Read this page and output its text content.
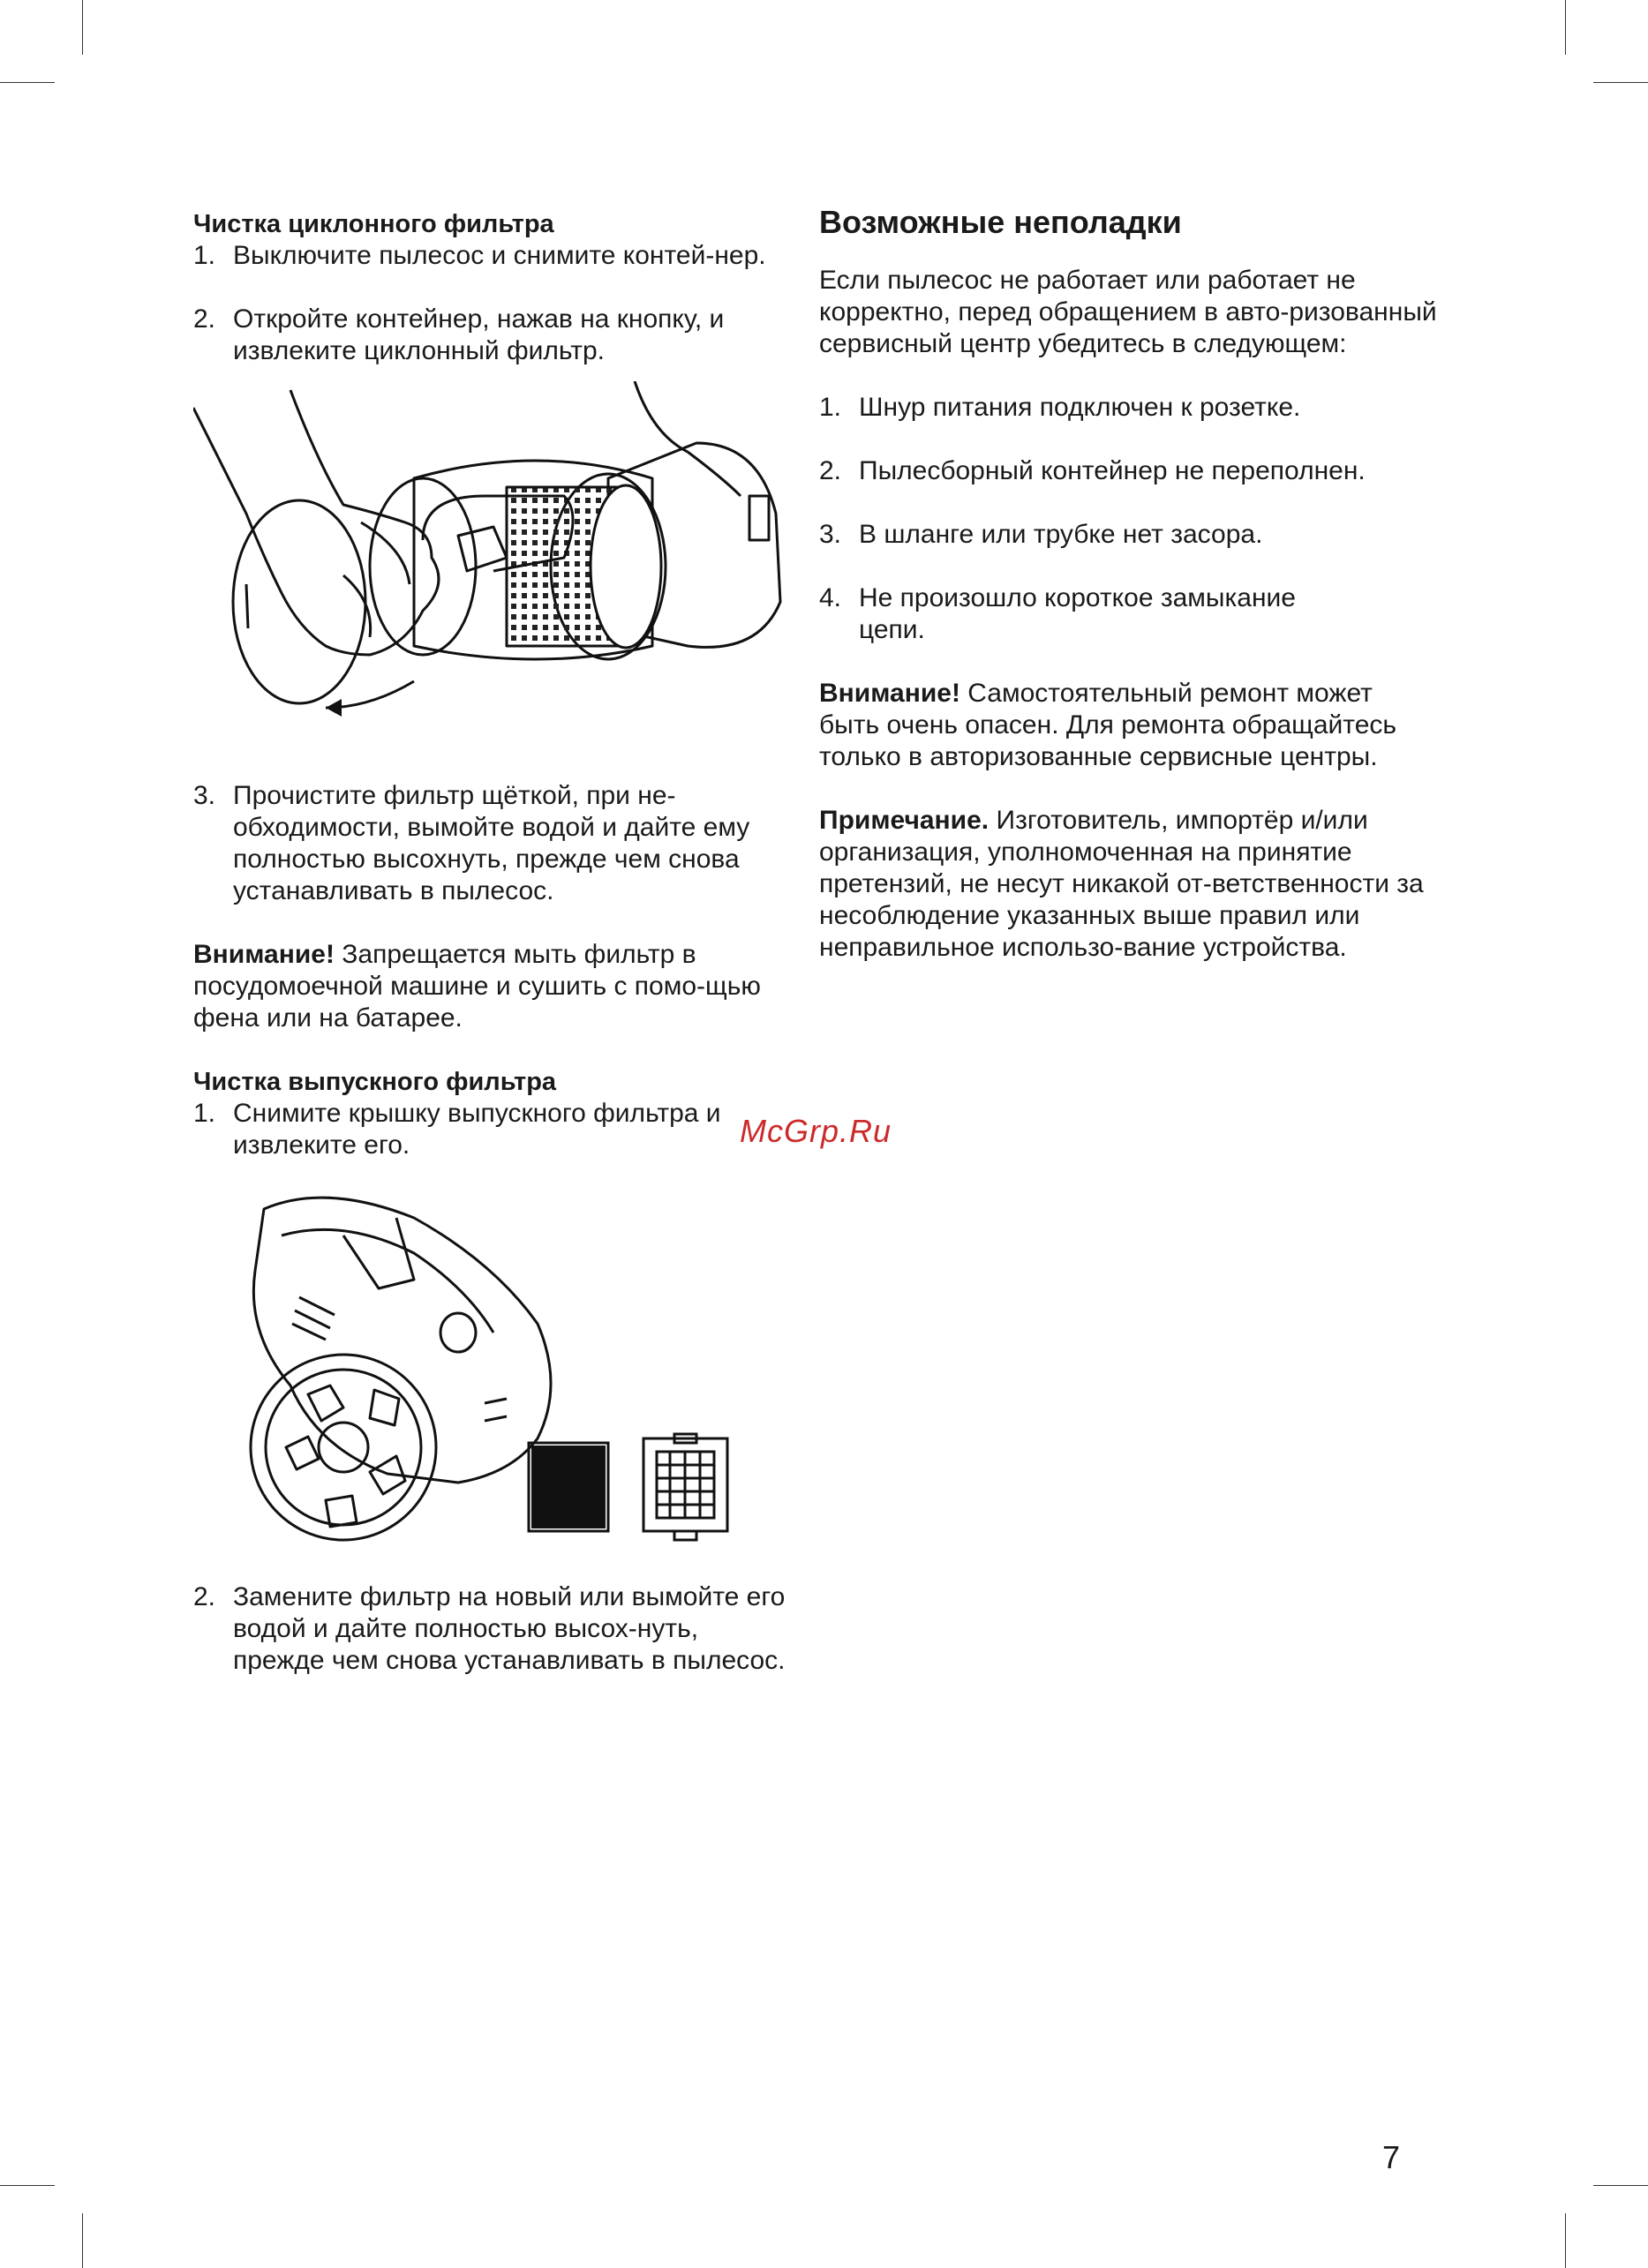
Чистка циклонного фильтра

1. Выключите пылесос и снимите контей-нер.
2. Откройте контейнер, нажав на кнопку, и извлеките циклонный фильтр.
3. Прочистите фильтр щёткой, при не-обходимости, вымойте водой и дайте ему полностью высохнуть, прежде чем снова устанавливать в пылесос.

Внимание! Запрещается мыть фильтр в посудомоечной машине и сушить с помо-щью фена или на батарее.

Чистка выпускного фильтра

1. Снимите крышку выпускного фильтра и извлеките его.
2. Замените фильтр на новый или вымойте его водой и дайте полностью высох-нуть, прежде чем снова устанавливать в пылесос.

Возможные неполадки

Если пылесос не работает или работает не корректно, перед обращением в авто-ризованный сервисный центр убедитесь в следующем:

1. Шнур питания подключен к розетке.
2. Пылесборный контейнер не переполнен.
3. В шланге или трубке нет засора.
4. Не произошло короткое замыкание цепи.

Внимание! Самостоятельный ремонт может быть очень опасен. Для ремонта обращайтесь только в авторизованные сервисные центры.

Примечание. Изготовитель, импортёр и/или организация, уполномоченная на принятие претензий, не несут никакой от-ветственности за несоблюдение указанных выше правил или неправильное использо-вание устройства.

McGrp.Ru
7
